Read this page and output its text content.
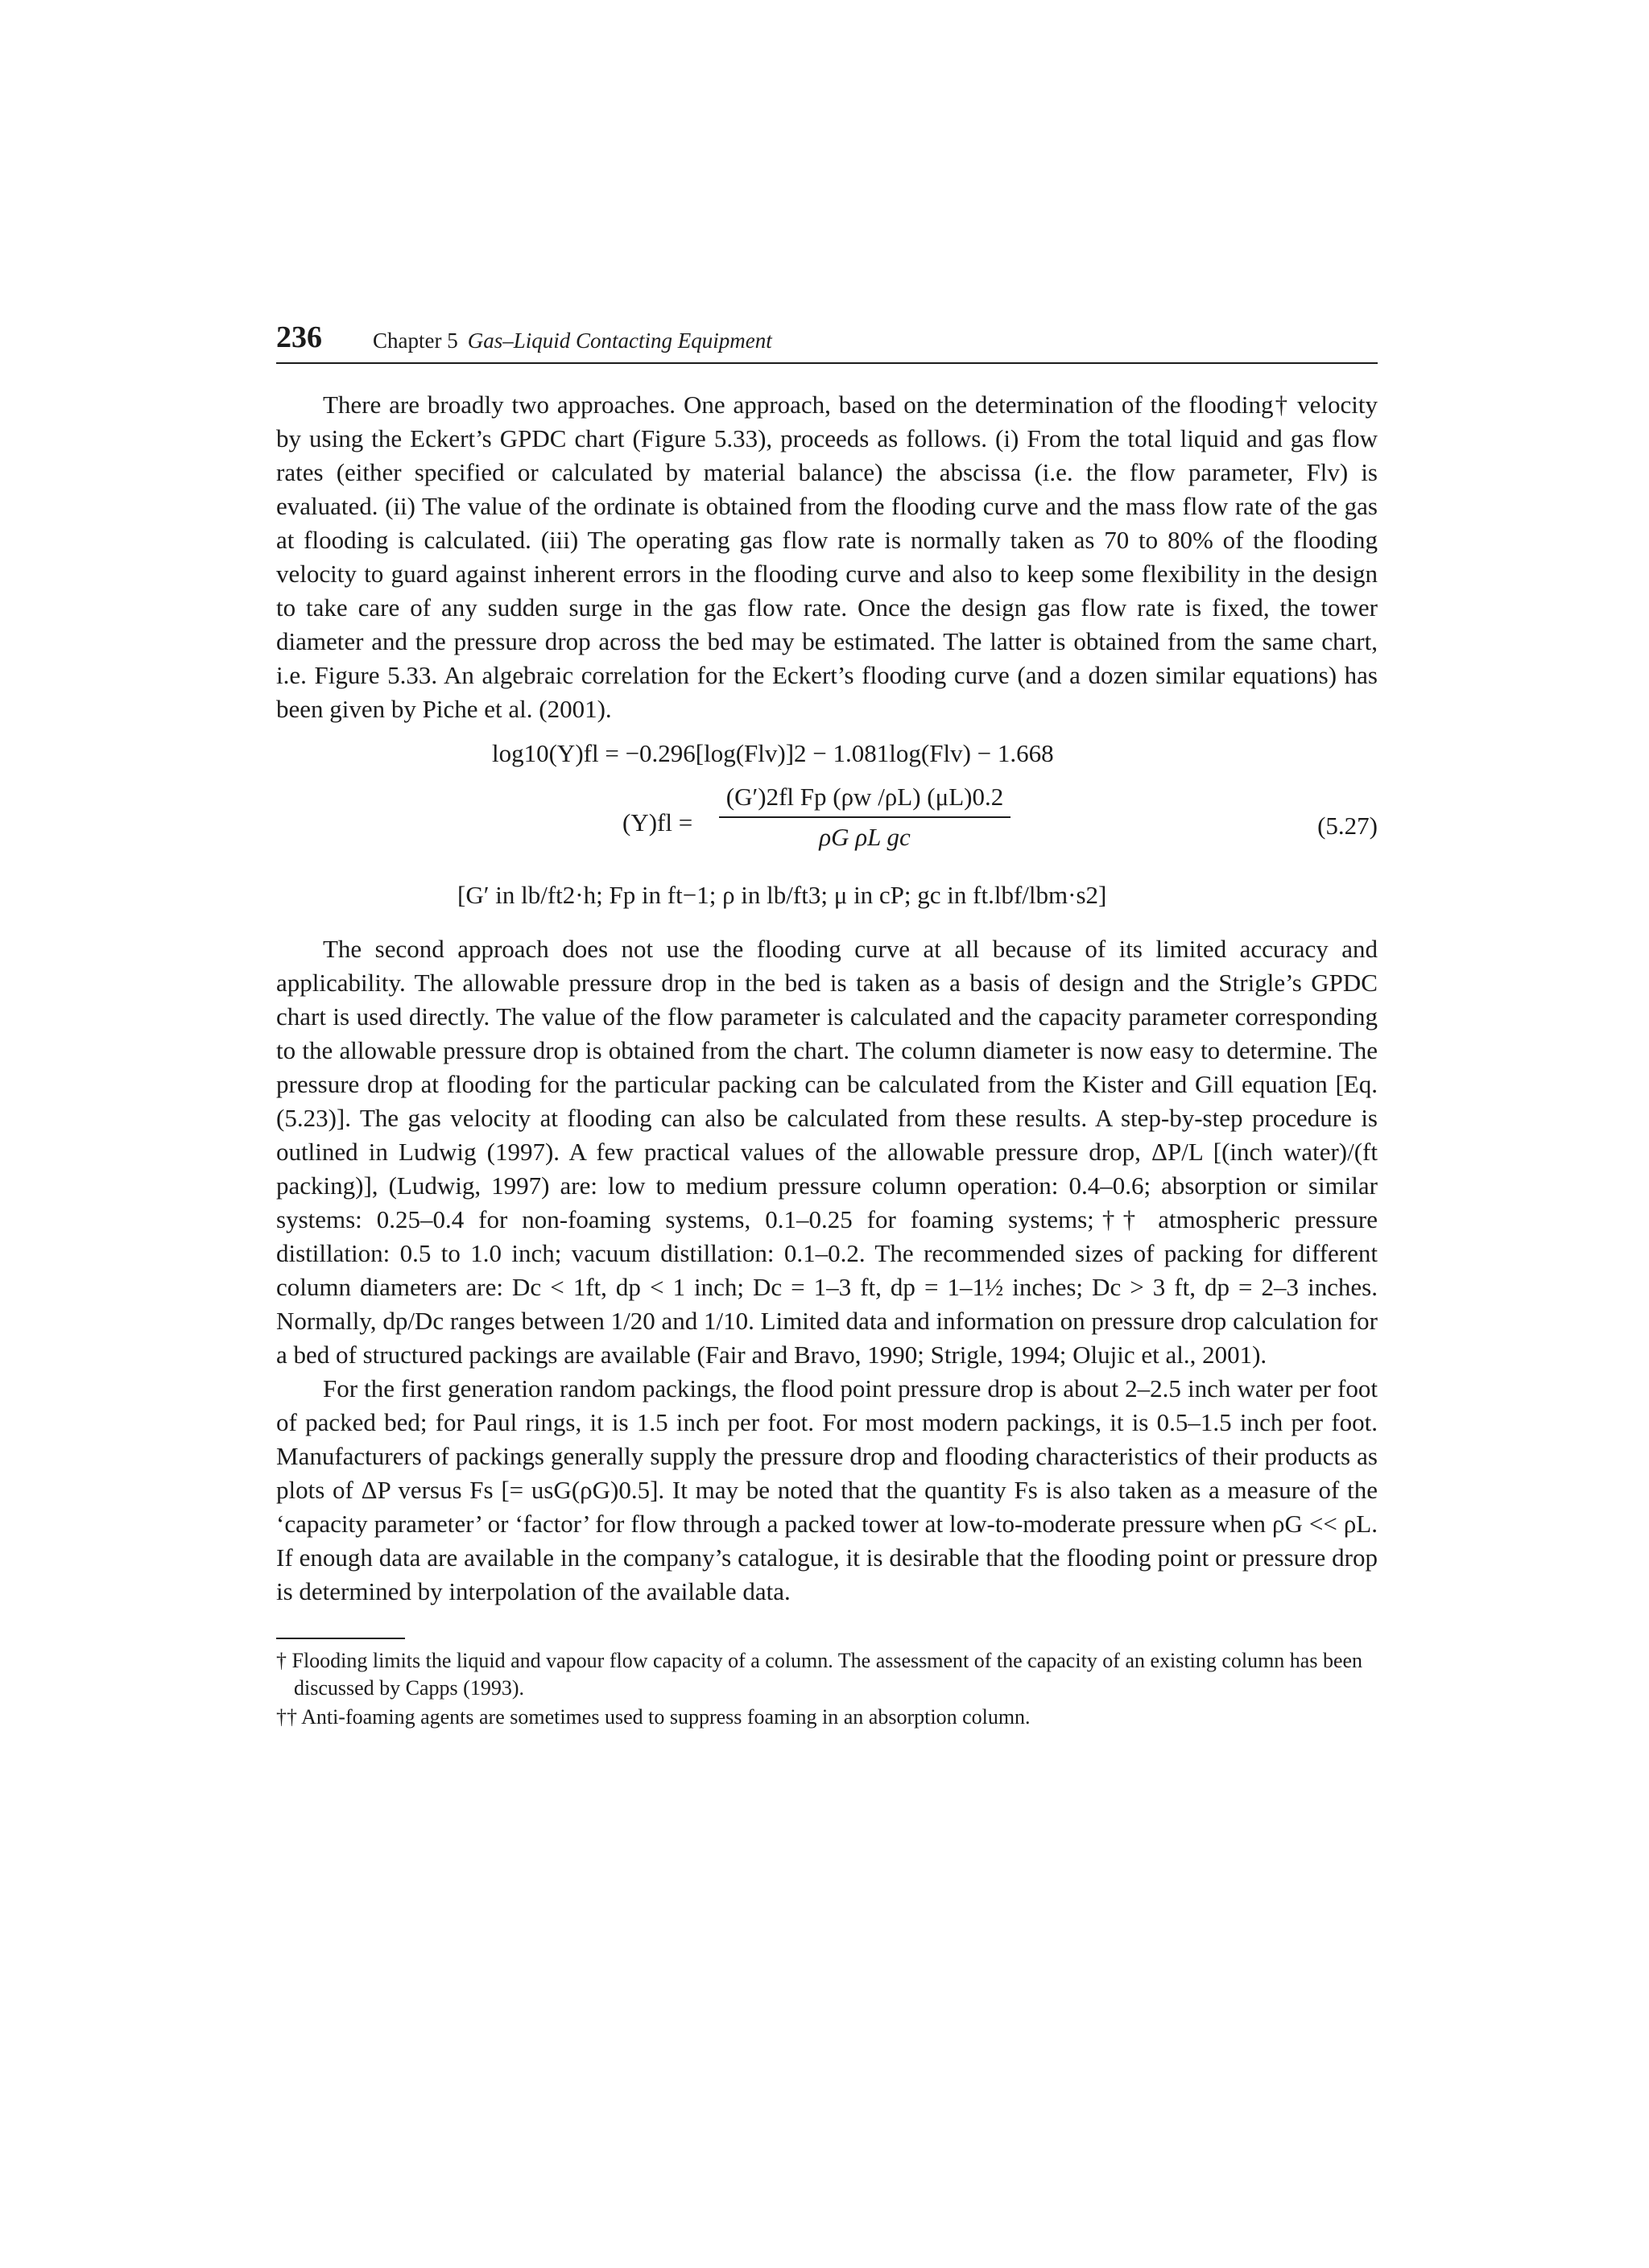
236 Chapter 5 Gas–Liquid Contacting Equipment

There are broadly two approaches. One approach, based on the determination of the flooding† velocity by using the Eckert’s GPDC chart (Figure 5.33), proceeds as follows. (i) From the total liquid and gas flow rates (either specified or calculated by material balance) the abscissa (i.e. the flow parameter, Flv) is evaluated. (ii) The value of the ordinate is obtained from the flooding curve and the mass flow rate of the gas at flooding is calculated. (iii) The operating gas flow rate is normally taken as 70 to 80% of the flooding velocity to guard against inherent errors in the flooding curve and also to keep some flexibility in the design to take care of any sudden surge in the gas flow rate. Once the design gas flow rate is fixed, the tower diameter and the pressure drop across the bed may be estimated. The latter is obtained from the same chart, i.e. Figure 5.33. An algebraic correlation for the Eckert’s flooding curve (and a dozen similar equations) has been given by Piche et al. (2001).

log10(Y)fl = −0.296[log(Flv)]2 − 1.081log(Flv) − 1.668
(Y)fl =
(G′)2fl Fp (ρw /ρL) (μL)0.2
ρG ρL gc	(5.27)
[G′ in lb/ft2·h; Fp in ft−1; ρ in lb/ft3; μ in cP; gc in ft.lbf/lbm·s2]

The second approach does not use the flooding curve at all because of its limited accuracy and applicability. The allowable pressure drop in the bed is taken as a basis of design and the Strigle’s GPDC chart is used directly. The value of the flow parameter is calculated and the capacity parameter corresponding to the allowable pressure drop is obtained from the chart. The column diameter is now easy to determine. The pressure drop at flooding for the particular packing can be calculated from the Kister and Gill equation [Eq. (5.23)]. The gas velocity at flooding can also be calculated from these results. A step-by-step procedure is outlined in Ludwig (1997). A few practical values of the allowable pressure drop, ΔP/L [(inch water)/(ft packing)], (Ludwig, 1997) are: low to medium pressure column operation: 0.4–0.6; absorption or similar systems: 0.25–0.4 for non-foaming systems, 0.1–0.25 for foaming systems;†† atmospheric pressure distillation: 0.5 to 1.0 inch; vacuum distillation: 0.1–0.2. The recommended sizes of packing for different column diameters are: Dc < 1ft, dp < 1 inch; Dc = 1–3 ft, dp = 1–1½ inches; Dc > 3 ft, dp = 2–3 inches. Normally, dp/Dc ranges between 1/20 and 1/10. Limited data and information on pressure drop calculation for a bed of structured packings are available (Fair and Bravo, 1990; Strigle, 1994; Olujic et al., 2001).

For the first generation random packings, the flood point pressure drop is about 2–2.5 inch water per foot of packed bed; for Paul rings, it is 1.5 inch per foot. For most modern packings, it is 0.5–1.5 inch per foot. Manufacturers of packings generally supply the pressure drop and flooding characteristics of their products as plots of ΔP versus Fs [= usG(ρG)0.5]. It may be noted that the quantity Fs is also taken as a measure of the ‘capacity parameter’ or ‘factor’ for flow through a packed tower at low-to-moderate pressure when ρG << ρL. If enough data are available in the company’s catalogue, it is desirable that the flooding point or pressure drop is determined by interpolation of the available data.

† Flooding limits the liquid and vapour flow capacity of a column. The assessment of the capacity of an existing column has been discussed by Capps (1993).

†† Anti-foaming agents are sometimes used to suppress foaming in an absorption column.
